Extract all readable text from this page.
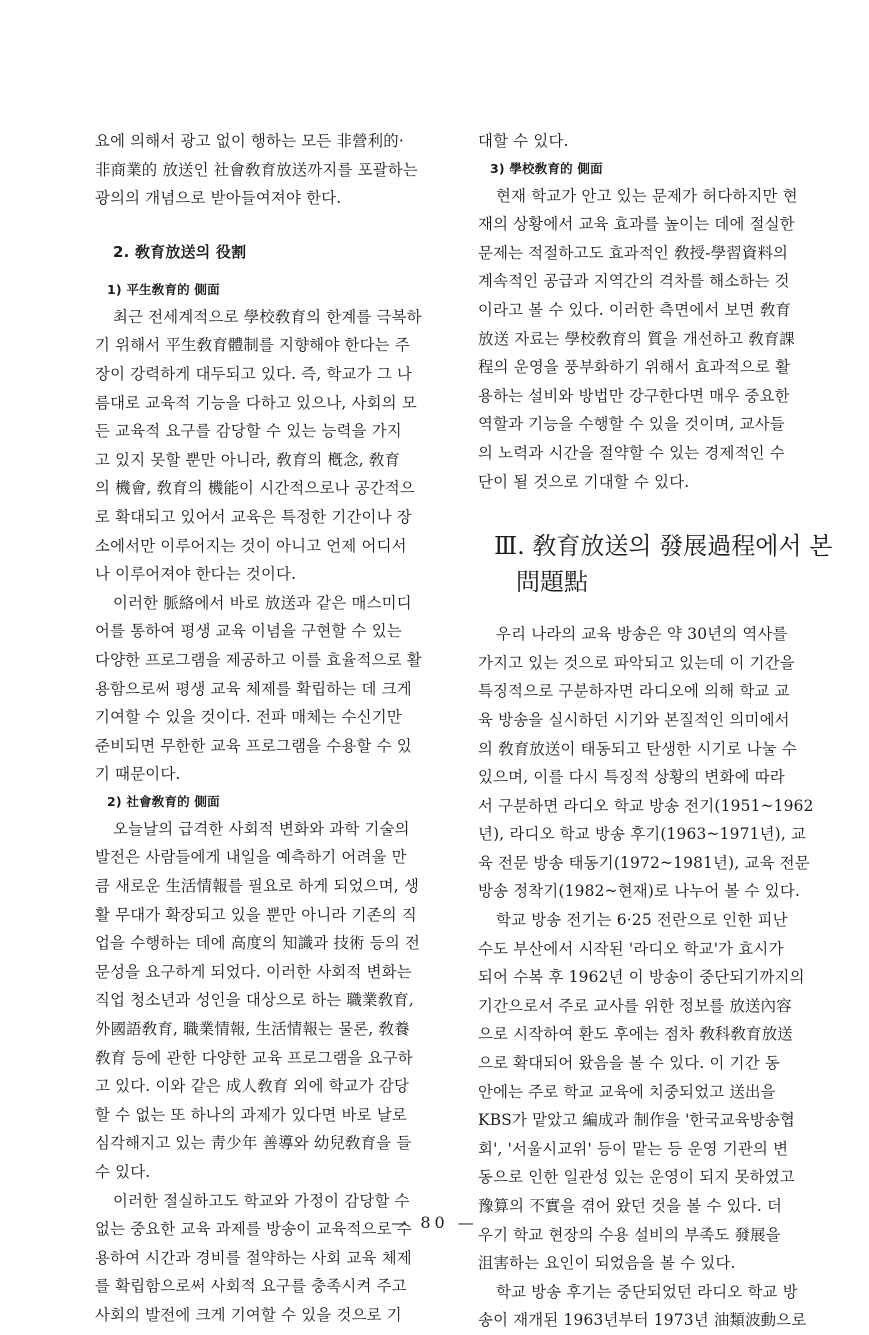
요에 의해서 광고 없이 행하는 모든 非營利的·
非商業的 放送인 社會敎育放送까지를 포괄하는
광의의 개념으로 받아들여져야 한다.
2. 敎育放送의 役割
1) 平生敎育的 側面
최근 전세계적으로 學校敎育의 한계를 극복하
기 위해서 平生敎育體制를 지향해야 한다는 주
장이 강력하게 대두되고 있다. 즉, 학교가 그 나
름대로 교육적 기능을 다하고 있으나, 사회의 모
든 교육적 요구를 감당할 수 있는 능력을 가지
고 있지 못할 뿐만 아니라, 敎育의 槪念, 敎育
의 機會, 敎育의 機能이 시간적으로나 공간적으
로 확대되고 있어서 교육은 특정한 기간이나 장
소에서만 이루어지는 것이 아니고 언제 어디서
나 이루어져야 한다는 것이다.
이러한 脈絡에서 바로 放送과 같은 매스미디
어를 통하여 평생 교육 이념을 구현할 수 있는
다양한 프로그램을 제공하고 이를 효율적으로 활
용함으로써 평생 교육 체제를 확립하는 데 크게
기여할 수 있을 것이다. 전파 매체는 수신기만
준비되면 무한한 교육 프로그램을 수용할 수 있
기 때문이다.
2) 社會敎育的 側面
오늘날의 급격한 사회적 변화와 과학 기술의
발전은 사람들에게 내일을 예측하기 어려울 만
큼 새로운 生活情報를 필요로 하게 되었으며, 생
활 무대가 확장되고 있을 뿐만 아니라 기존의 직
업을 수행하는 데에 高度의 知識과 技術 등의 전
문성을 요구하게 되었다. 이러한 사회적 변화는
직업 청소년과 성인을 대상으로 하는 職業敎育,
外國語敎育, 職業情報, 生活情報는 물론, 敎養
敎育 등에 관한 다양한 교육 프로그램을 요구하
고 있다. 이와 같은 成人敎育 외에 학교가 감당
할 수 없는 또 하나의 과제가 있다면 바로 날로
심각해지고 있는 靑少年 善導와 幼兒敎育을 들
수 있다.
이러한 절실하고도 학교와 가정이 감당할 수
없는 중요한 교육 과제를 방송이 교육적으로 수
용하여 시간과 경비를 절약하는 사회 교육 체제
를 확립함으로써 사회적 요구를 충족시켜 주고
사회의 발전에 크게 기여할 수 있을 것으로 기
대할 수 있다.
3) 學校敎育的 側面
현재 학교가 안고 있는 문제가 허다하지만 현
재의 상황에서 교육 효과를 높이는 데에 절실한
문제는 적절하고도 효과적인 敎授-學習資料의
계속적인 공급과 지역간의 격차를 해소하는 것
이라고 볼 수 있다. 이러한 측면에서 보면 敎育
放送 자료는 學校敎育의 質을 개선하고 敎育課
程의 운영을 풍부화하기 위해서 효과적으로 활
용하는 설비와 방법만 강구한다면 매우 중요한
역할과 기능을 수행할 수 있을 것이며, 교사들
의 노력과 시간을 절약할 수 있는 경제적인 수
단이 될 것으로 기대할 수 있다.
Ⅲ. 敎育放送의 發展過程에서 본 問題點
우리 나라의 교육 방송은 약 30년의 역사를
가지고 있는 것으로 파악되고 있는데 이 기간을
특징적으로 구분하자면 라디오에 의해 학교 교
육 방송을 실시하던 시기와 본질적인 의미에서
의 敎育放送이 태동되고 탄생한 시기로 나눌 수
있으며, 이를 다시 특징적 상황의 변화에 따라
서 구분하면 라디오 학교 방송 전기(1951~1962
년), 라디오 학교 방송 후기(1963~1971년), 교
육 전문 방송 태동기(1972~1981년), 교육 전문
방송 정착기(1982~현재)로 나누어 볼 수 있다.
학교 방송 전기는 6·25 전란으로 인한 피난
수도 부산에서 시작된 '라디오 학교'가 효시가
되어 수복 후 1962년 이 방송이 중단되기까지의
기간으로서 주로 교사를 위한 정보를 放送內容
으로 시작하여 환도 후에는 점차 敎科敎育放送
으로 확대되어 왔음을 볼 수 있다. 이 기간 동
안에는 주로 학교 교육에 치중되었고 送出을
KBS가 맡았고 編成과 制作을 '한국교육방송협
회', '서울시교위' 등이 맡는 등 운영 기관의 변
동으로 인한 일관성 있는 운영이 되지 못하였고
豫算의 不實을 겪어 왔던 것을 볼 수 있다. 더
우기 학교 현장의 수용 설비의 부족도 發展을
沮害하는 요인이 되었음을 볼 수 있다.
학교 방송 후기는 중단되었던 라디오 학교 방
송이 재개된 1963년부터 1973년 油類波動으로
— 80 —
